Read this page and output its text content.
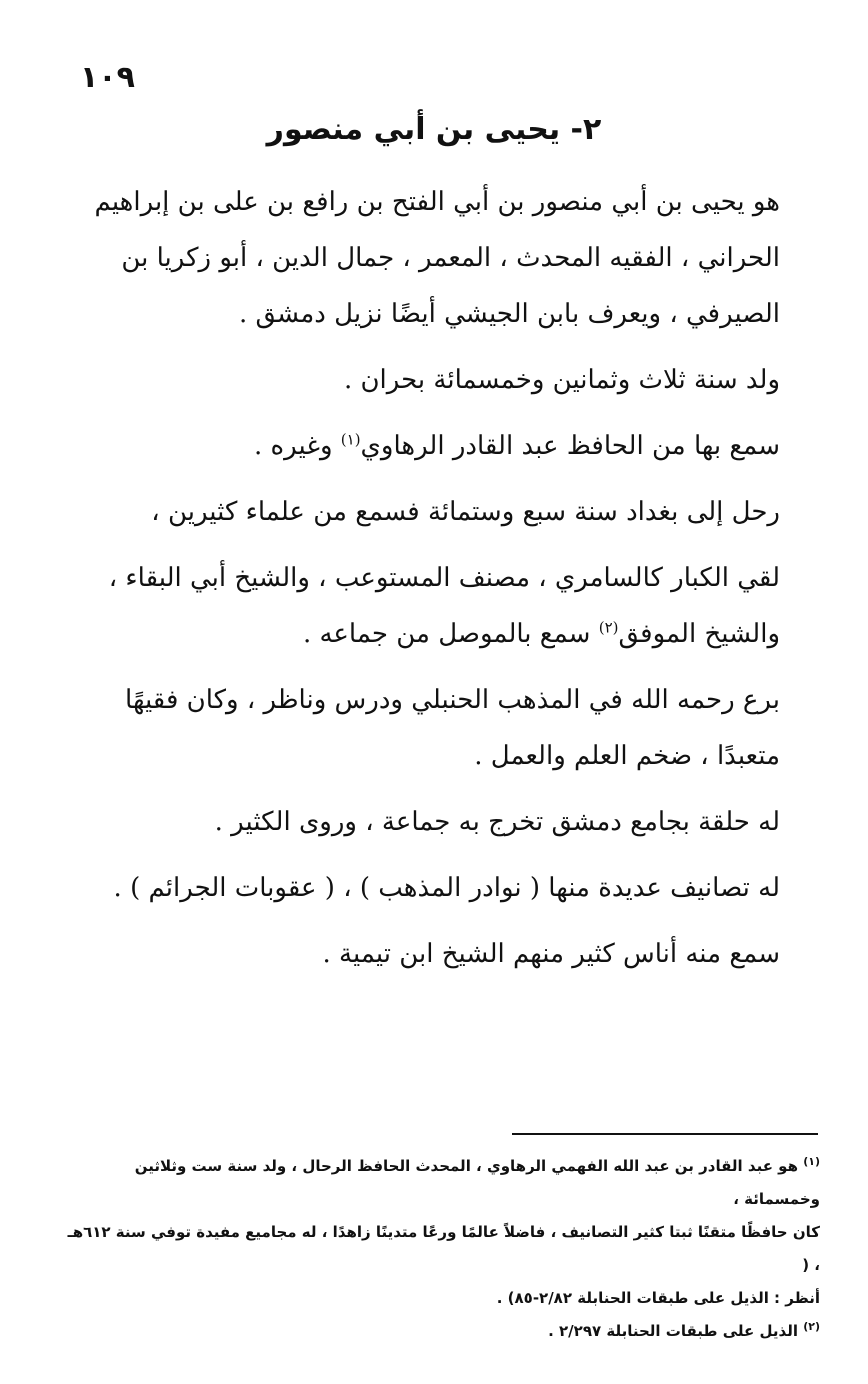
١٠٩
٢- يحيى بن أبي منصور

هو يحيى بن أبي منصور بن أبي الفتح بن رافع بن على بن إبراهيم الحراني ، الفقيه المحدث ، المعمر ، جمال الدين ، أبو زكريا بن الصيرفي ، ويعرف بابن الجيشي أيضًا نزيل دمشق .

ولد سنة ثلاث وثمانين وخمسمائة بحران .

سمع بها من الحافظ عبد القادر الرهاوي$^{(١)}$ وغيره .

رحل إلى بغداد سنة سبع وستمائة فسمع من علماء كثيرين ،

لقي الكبار كالسامري ، مصنف المستوعب ، والشيخ أبي البقاء ، والشيخ الموفق$^{(٢)}$ سمع بالموصل من جماعه .

برع رحمه الله في المذهب الحنبلي ودرس وناظر ، وكان فقيهًا متعبدًا ، ضخم العلم والعمل .

له حلقة بجامع دمشق تخرج به جماعة ، وروى الكثير .

له تصانيف عديدة منها ( نوادر المذهب ) ، ( عقوبات الجرائم ) .

سمع منه أناس كثير منهم الشيخ ابن تيمية .

$^{(١)}$ هو عبد القادر بن عبد الله الفهمي الرهاوي ، المحدث الحافظ الرحال ، ولد سنة ست وثلاثين وخمسمائة ،

كان حافظًا متقنًا ثبتا كثير التصانيف ، فاضلاً عالمًا ورعًا متدينًا زاهدًا ، له مجاميع مفيدة توفي سنة ٦١٢هـ ، (

أنظر : الذيل على طبقات الحنابلة ٢/٨٢-٨٥) .

$^{(٢)}$ الذيل على طبقات الحنابلة ٢/٢٩٧ .
